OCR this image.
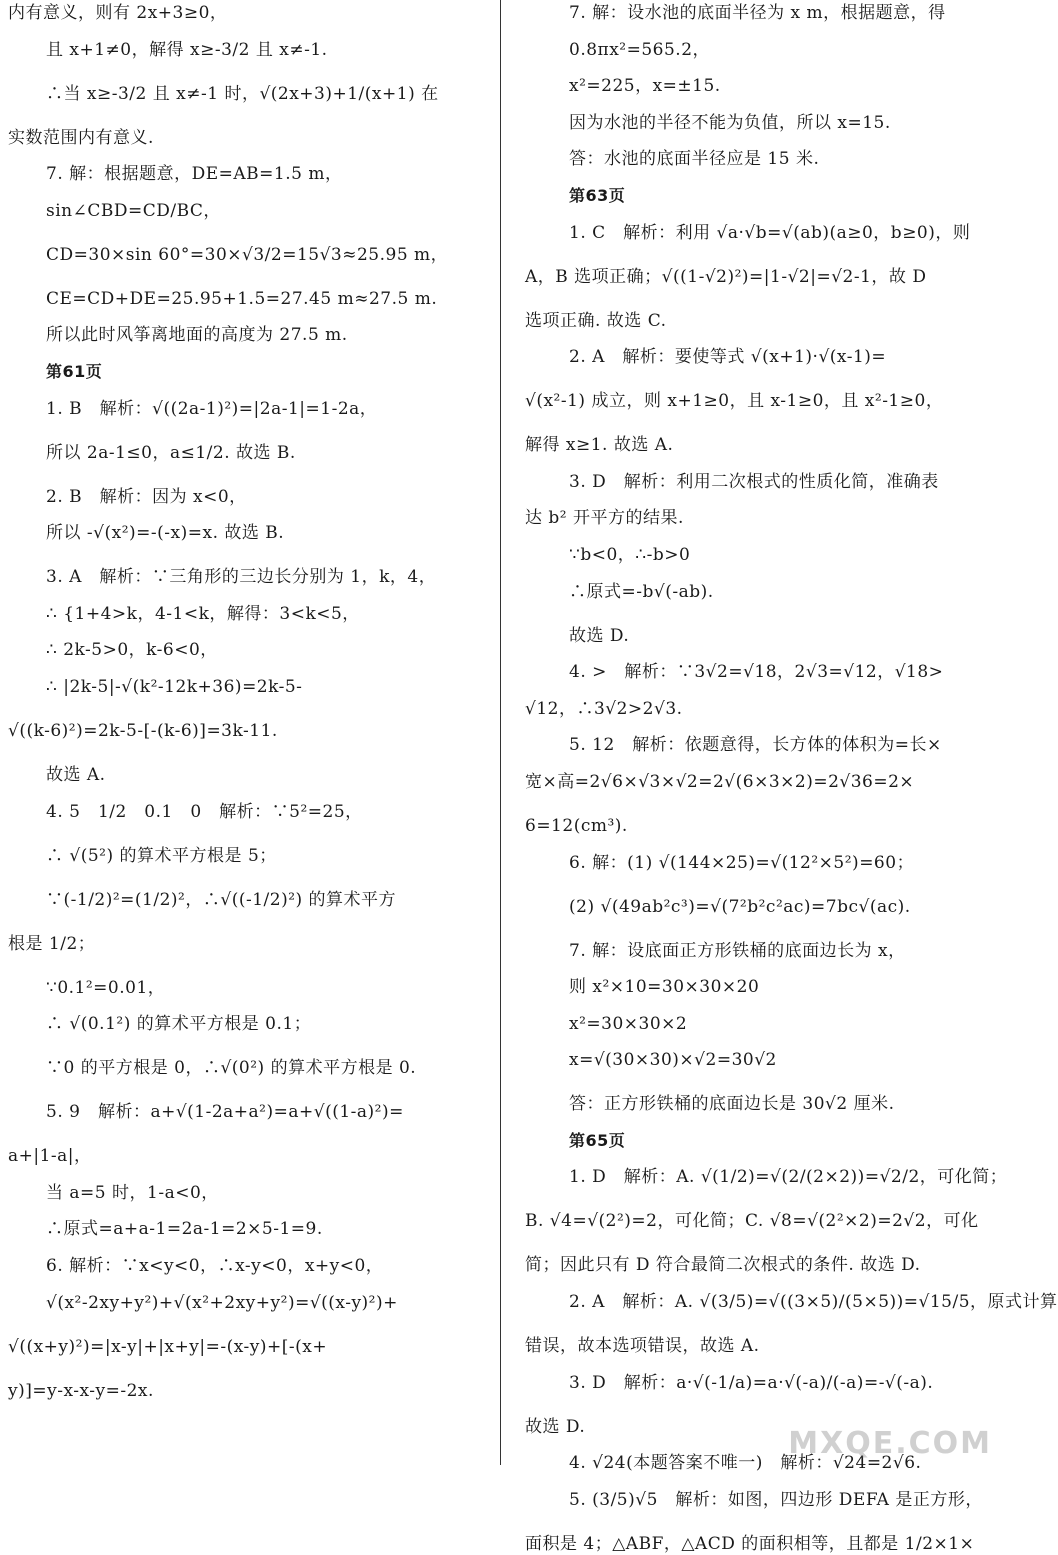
内有意义，则有 2x+3≥0，
且 x+1≠0，解得 x≥-3/2 且 x≠-1.
∴当 x≥-3/2 且 x≠-1 时，√(2x+3)+1/(x+1) 在
实数范围内有意义.
7. 解：根据题意，DE=AB=1.5 m，
sin∠CBD=CD/BC，
CD=30×sin 60°=30×√3/2=15√3≈25.95 m，
CE=CD+DE=25.95+1.5=27.45 m≈27.5 m.
所以此时风筝离地面的高度为 27.5 m.
第61页
1. B　解析：√((2a-1)²)=|2a-1|=1-2a，
所以 2a-1≤0，a≤1/2. 故选 B.
2. B　解析：因为 x<0，
所以 -√(x²)=-(-x)=x. 故选 B.
3. A　解析：∵三角形的三边长分别为 1，k，4，
∴ {1+4>k，4-1<k，解得：3<k<5，
∴ 2k-5>0，k-6<0，
∴ |2k-5|-√(k²-12k+36)=2k-5-
√((k-6)²)=2k-5-[-(k-6)]=3k-11.
故选 A.
4. 5　1/2　0.1　0　解析：∵5²=25，
∴ √(5²) 的算术平方根是 5；
∵(-1/2)²=(1/2)²，∴√((-1/2)²) 的算术平方
根是 1/2；
∵0.1²=0.01，
∴ √(0.1²) 的算术平方根是 0.1；
∵0 的平方根是 0，∴√(0²) 的算术平方根是 0.
5. 9　解析：a+√(1-2a+a²)=a+√((1-a)²)=
a+|1-a|，
当 a=5 时，1-a<0，
∴原式=a+a-1=2a-1=2×5-1=9.
6. 解析：∵x<y<0，∴x-y<0，x+y<0，
√(x²-2xy+y²)+√(x²+2xy+y²)=√((x-y)²)+
√((x+y)²)=|x-y|+|x+y|=-(x-y)+[-(x+
y)]=y-x-x-y=-2x.
7. 解：设水池的底面半径为 x m，根据题意，得
0.8πx²=565.2，
x²=225，x=±15.
因为水池的半径不能为负值，所以 x=15.
答：水池的底面半径应是 15 米.
第63页
1. C　解析：利用 √a·√b=√(ab)(a≥0，b≥0)，则
A，B 选项正确；√((1-√2)²)=|1-√2|=√2-1，故 D
选项正确. 故选 C.
2. A　解析：要使等式 √(x+1)·√(x-1)=
√(x²-1) 成立，则 x+1≥0，且 x-1≥0，且 x²-1≥0，
解得 x≥1. 故选 A.
3. D　解析：利用二次根式的性质化简，准确表
达 b² 开平方的结果.
∵b<0，∴-b>0
∴原式=-b√(-ab).
故选 D.
4. >　解析：∵3√2=√18，2√3=√12，√18>
√12，∴3√2>2√3.
5. 12　解析：依题意得，长方体的体积为=长×
宽×高=2√6×√3×√2=2√(6×3×2)=2√36=2×
6=12(cm³).
6. 解：(1) √(144×25)=√(12²×5²)=60；
(2) √(49ab²c³)=√(7²b²c²ac)=7bc√(ac).
7. 解：设底面正方形铁桶的底面边长为 x，
则 x²×10=30×30×20
x²=30×30×2
x=√(30×30)×√2=30√2
答：正方形铁桶的底面边长是 30√2 厘米.
第65页
1. D　解析：A. √(1/2)=√(2/(2×2))=√2/2，可化简；
B. √4=√(2²)=2，可化简；C. √8=√(2²×2)=2√2，可化
简；因此只有 D 符合最简二次根式的条件. 故选 D.
2. A　解析：A. √(3/5)=√((3×5)/(5×5))=√15/5，原式计算
错误，故本选项错误，故选 A.
3. D　解析：a·√(-1/a)=a·√(-a)/(-a)=-√(-a).
故选 D.
4. √24(本题答案不唯一)　解析：√24=2√6.
5. (3/5)√5　解析：如图，四边形 DEFA 是正方形，
面积是 4；△ABF，△ACD 的面积相等，且都是 1/2×1×
MXQE.COM
